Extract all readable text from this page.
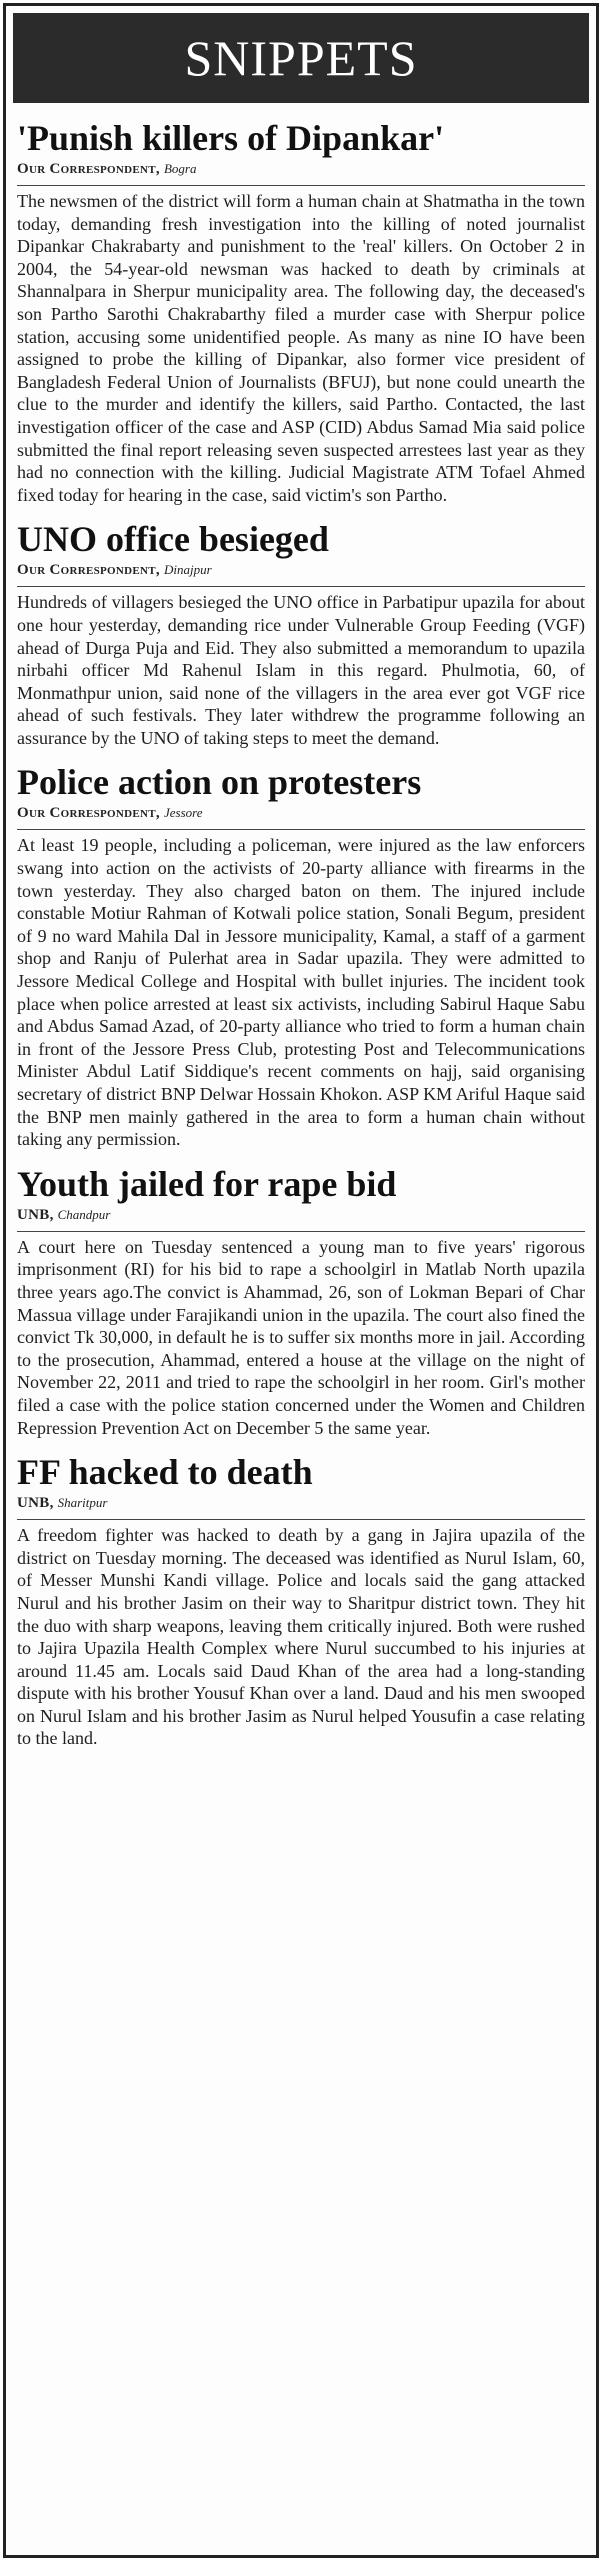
SNIPPETS
'Punish killers of Dipankar'
Our Correspondent, Bogra

The newsmen of the district will form a human chain at Shatmatha in the town today, demanding fresh investigation into the killing of noted journalist Dipankar Chakrabarty and punishment to the 'real' killers. On October 2 in 2004, the 54-year-old newsman was hacked to death by criminals at Shannalpara in Sherpur municipality area. The following day, the deceased's son Partho Sarothi Chakrabarthy filed a murder case with Sherpur police station, accusing some unidentified people. As many as nine IO have been assigned to probe the killing of Dipankar, also former vice president of Bangladesh Federal Union of Journalists (BFUJ), but none could unearth the clue to the murder and identify the killers, said Partho. Contacted, the last investigation officer of the case and ASP (CID) Abdus Samad Mia said police submitted the final report releasing seven suspected arrestees last year as they had no connection with the killing. Judicial Magistrate ATM Tofael Ahmed fixed today for hearing in the case, said victim's son Partho.

UNO office besieged
Our Correspondent, Dinajpur

Hundreds of villagers besieged the UNO office in Parbatipur upazila for about one hour yesterday, demanding rice under Vulnerable Group Feeding (VGF) ahead of Durga Puja and Eid. They also submitted a memorandum to upazila nirbahi officer Md Rahenul Islam in this regard. Phulmotia, 60, of Monmathpur union, said none of the villagers in the area ever got VGF rice ahead of such festivals. They later withdrew the programme following an assurance by the UNO of taking steps to meet the demand.

Police action on protesters
Our Correspondent, Jessore

At least 19 people, including a policeman, were injured as the law enforcers swang into action on the activists of 20-party alliance with firearms in the town yesterday. They also charged baton on them. The injured include constable Motiur Rahman of Kotwali police station, Sonali Begum, president of 9 no ward Mahila Dal in Jessore municipality, Kamal, a staff of a garment shop and Ranju of Pulerhat area in Sadar upazila. They were admitted to Jessore Medical College and Hospital with bullet injuries. The incident took place when police arrested at least six activists, including Sabirul Haque Sabu and Abdus Samad Azad, of 20-party alliance who tried to form a human chain in front of the Jessore Press Club, protesting Post and Telecommunications Minister Abdul Latif Siddique's recent comments on hajj, said organising secretary of district BNP Delwar Hossain Khokon. ASP KM Ariful Haque said the BNP men mainly gathered in the area to form a human chain without taking any permission.

Youth jailed for rape bid
UNB, Chandpur

A court here on Tuesday sentenced a young man to five years' rigorous imprisonment (RI) for his bid to rape a schoolgirl in Matlab North upazila three years ago.The convict is Ahammad, 26, son of Lokman Bepari of Char Massua village under Farajikandi union in the upazila. The court also fined the convict Tk 30,000, in default he is to suffer six months more in jail. According to the prosecution, Ahammad, entered a house at the village on the night of November 22, 2011 and tried to rape the schoolgirl in her room. Girl's mother filed a case with the police station concerned under the Women and Children Repression Prevention Act on December 5 the same year.

FF hacked to death
UNB, Sharitpur

A freedom fighter was hacked to death by a gang in Jajira upazila of the district on Tuesday morning. The deceased was identified as Nurul Islam, 60, of Messer Munshi Kandi village. Police and locals said the gang attacked Nurul and his brother Jasim on their way to Sharitpur district town. They hit the duo with sharp weapons, leaving them critically injured. Both were rushed to Jajira Upazila Health Complex where Nurul succumbed to his injuries at around 11.45 am. Locals said Daud Khan of the area had a long-standing dispute with his brother Yousuf Khan over a land. Daud and his men swooped on Nurul Islam and his brother Jasim as Nurul helped Yousufin a case relating to the land.
